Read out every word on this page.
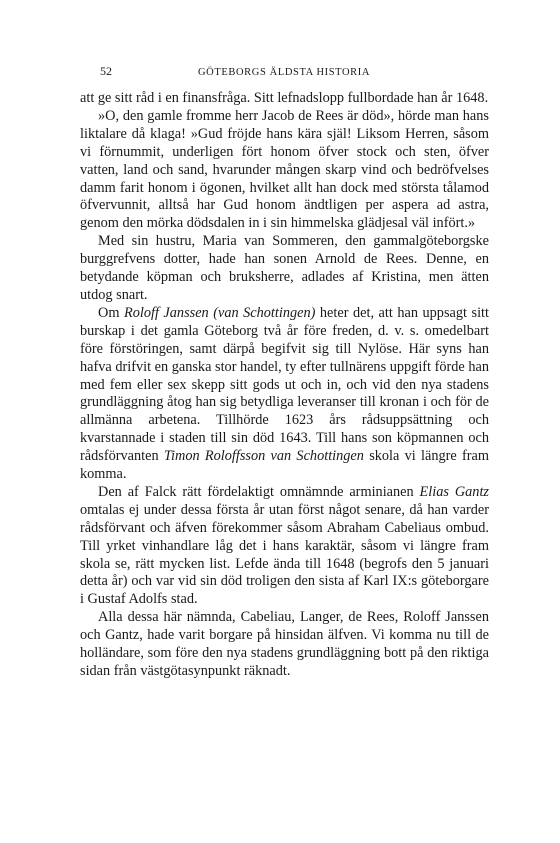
52	GÖTEBORGS ÄLDSTA HISTORIA

att ge sitt råd i en finansfråga. Sitt lefnadslopp fullbordade han år 1648.

»O, den gamle fromme herr Jacob de Rees är död», hörde man hans liktalare då klaga! »Gud fröjde hans kära själ! Liksom Herren, såsom vi förnummit, underligen fört honom öfver stock och sten, öfver vatten, land och sand, hvarunder mången skarp vind och bedröfvelses damm farit honom i ögonen, hvilket allt han dock med största tålamod öfvervunnit, alltså har Gud honom ändtligen per aspera ad astra, genom den mörka dödsdalen in i sin himmelska glädjesal väl infört.»

Med sin hustru, Maria van Sommeren, den gammalgöteborgske burggrefvens dotter, hade han sonen Arnold de Rees. Denne, en betydande köpman och bruksherre, adlades af Kristina, men ätten utdog snart.

Om Roloff Janssen (van Schottingen) heter det, att han uppsagt sitt burskap i det gamla Göteborg två år före freden, d. v. s. omedelbart före förstöringen, samt därpå begifvit sig till Nylöse. Här syns han hafva drifvit en ganska stor handel, ty efter tullnärens uppgift förde han med fem eller sex skepp sitt gods ut och in, och vid den nya stadens grundläggning åtog han sig betydliga leveranser till kronan i och för de allmänna arbetena. Tillhörde 1623 års rådsuppsättning och kvarstannade i staden till sin död 1643. Till hans son köpmannen och rådsförvanten Timon Roloffsson van Schottingen skola vi längre fram komma.

Den af Falck rätt fördelaktigt omnämnde arminianen Elias Gantz omtalas ej under dessa första år utan först något senare, då han varder rådsförvant och äfven förekommer såsom Abraham Cabeliaus ombud. Till yrket vinhandlare låg det i hans karaktär, såsom vi längre fram skola se, rätt mycken list. Lefde ända till 1648 (begrofs den 5 januari detta år) och var vid sin död troligen den sista af Karl IX:s göteborgare i Gustaf Adolfs stad.

Alla dessa här nämnda, Cabeliau, Langer, de Rees, Roloff Janssen och Gantz, hade varit borgare på hinsidan älfven. Vi komma nu till de holländare, som före den nya stadens grundläggning bott på den riktiga sidan från västgötasynpunkt räknadt.
